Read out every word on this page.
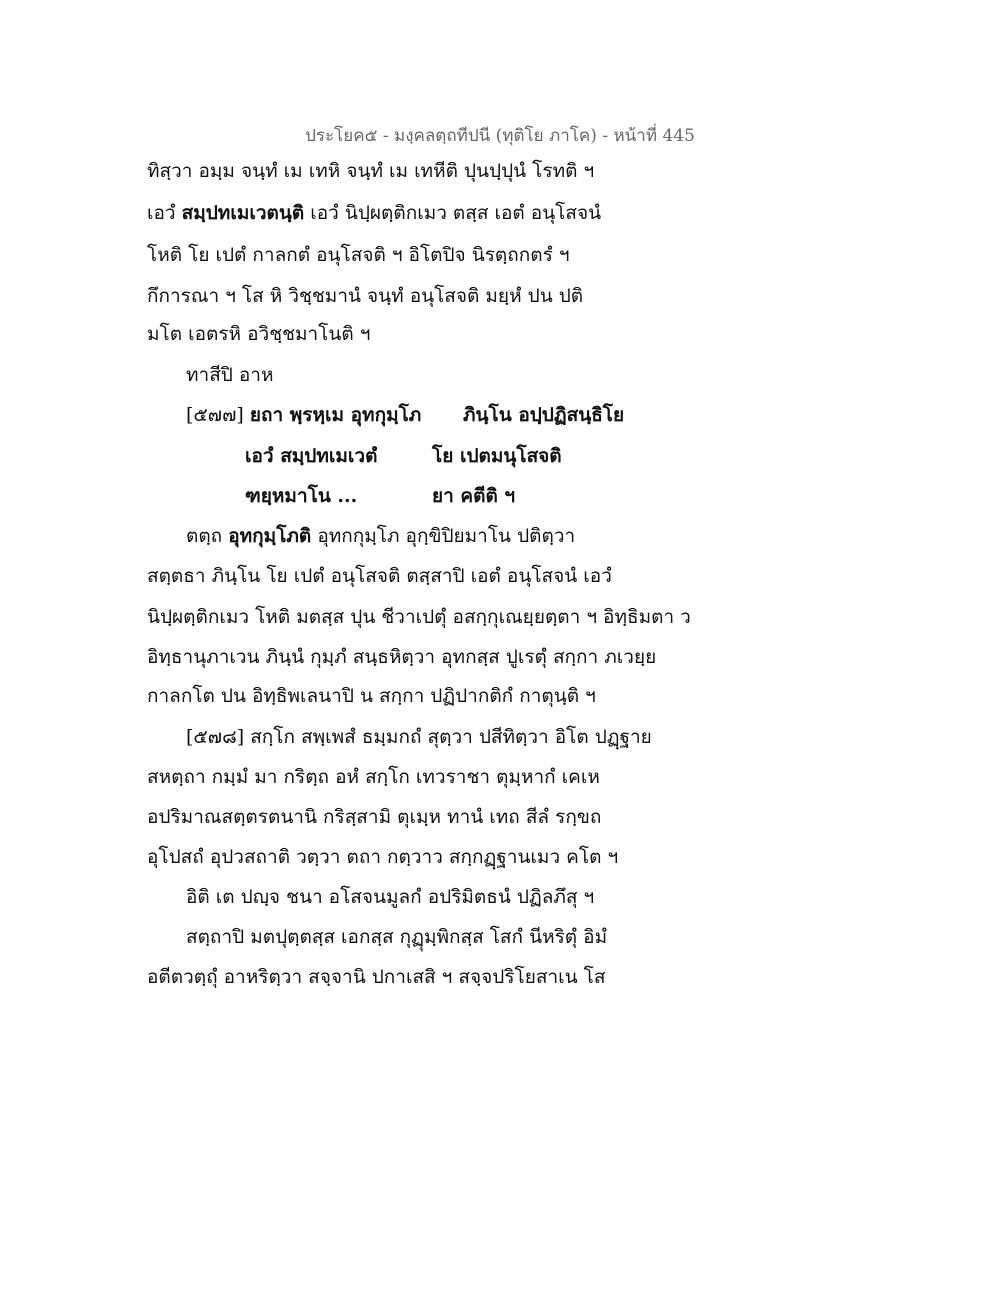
ประโยค๕ - มงฺคลตฺถทีปนี (ทุติโย ภาโค) - หน้าที่ 445
ทิสฺวา อมฺม จนฺทํ เม เทหิ จนฺทํ เม เทหีติ ปุนปฺปุนํ โรทติ ฯ
เอวํ สมฺปทเมเวตนฺติ เอวํ นิปฺผตฺติกเมว ตสฺส เอตํ อนุโสจนํ
โหติ โย เปตํ กาลกตํ อนุโสจติ ฯ อิโตปิจ นิรตฺถกตรํ ฯ
กึการณา ฯ โส หิ วิชฺชมานํ จนฺทํ อนุโสจติ มยฺหํ ปน ปติ
มโต เอตรหิ อวิชฺชมาโนติ ฯ
ทาสีปิ อาห
[๕๗๗] ยถา พฺรหฺเม อุทกุมฺโภ ภินฺโน อปฺปฏิสนฺธิโย
เอวํ สมฺปทเมเวตํ	โย เปตมนุโสจติ
ฑยฺหมาโน ...	ยา คตีติ ฯ
ตตฺถ อุทกุมฺโภติ อุทกกุมฺโภ อุกฺขิปิยมาโน ปติตฺวา
สตฺตธา ภินฺโน โย เปตํ อนุโสจติ ตสฺสาปิ เอตํ อนุโสจนํ เอวํ
นิปฺผตฺติกเมว โหติ มตสฺส ปุน ชีวาเปตุํ อสกฺกุเณยฺยตฺตา ฯ อิทฺธิมตา ว
อิทฺธานุภาเวน ภินฺนํ กุมฺภํ สนฺธหิตฺวา อุทกสฺส ปูเรตุํ สกฺกา ภเวยฺย
กาลกโต ปน อิทฺธิพเลนาปิ น สกฺกา ปฏิปากติกํ กาตุนฺติ ฯ
[๕๗๘] สกฺโก สพฺเพสํ ธมฺมกถํ สุตฺวา ปสีทิตฺวา อิโต ปฏฺฐาย
สหตฺถา กมฺมํ มา กริตฺถ อหํ สกฺโก เทวราชา ตุมฺหากํ เคเห
อปริมาณสตฺตรตนานิ กริสฺสามิ ตุเมฺห ทานํ เทถ สีลํ รกฺขถ
อุโปสถํ อุปวสถาติ วตฺวา ตถา กตฺวาว สกฺกฏฺฐานเมว คโต ฯ
อิติ เต ปญฺจ ชนา อโสจนมูลกํ อปริมิตธนํ ปฏิลภึสุ ฯ
สตฺถาปิ มตปุตฺตสฺส เอกสฺส กุฏุมฺพิกสฺส โสกํ นีหริตุํ อิมํ
อตีตวตฺถุํ อาหริตฺวา สจฺจานิ ปกาเสสิ ฯ สจฺจปริโยสาเน โส
